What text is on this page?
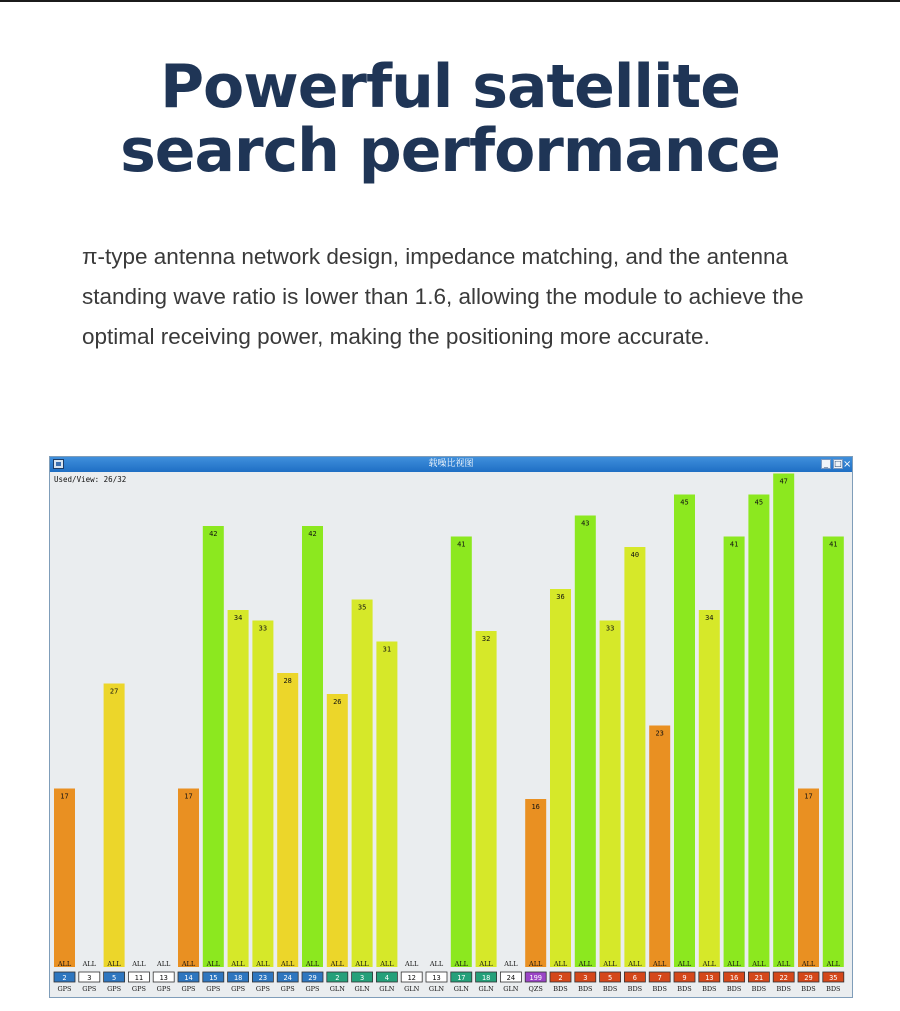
Powerful satellite
search performance
π-type antenna network design, impedance matching, and the antenna
standing wave ratio is lower than 1.6, allowing the module to achieve the
optimal receiving power, making the positioning more accurate.
载噪比视图	_ □ ×
Used/View: 26/32
17
ALL
2
GPS
ALL
3
GPS
27
ALL
5
GPS
ALL
11
GPS
ALL
13
GPS
17
ALL
14
GPS
42
ALL
15
GPS
34
ALL
18
GPS
33
ALL
23
GPS
28
ALL
24
GPS
42
ALL
29
GPS
26
ALL
2
GLN
35
ALL
3
GLN
31
ALL
4
GLN
ALL
12
GLN
ALL
13
GLN
41
ALL
17
GLN
32
ALL
18
GLN
ALL
24
GLN
16
ALL
199
QZS
36
ALL
2
BDS
43
ALL
3
BDS
33
ALL
5
BDS
40
ALL
6
BDS
23
ALL
7
BDS
45
ALL
9
BDS
34
ALL
13
BDS
41
ALL
16
BDS
45
ALL
21
BDS
47
ALL
22
BDS
17
ALL
29
BDS
41
ALL
35
BDS
